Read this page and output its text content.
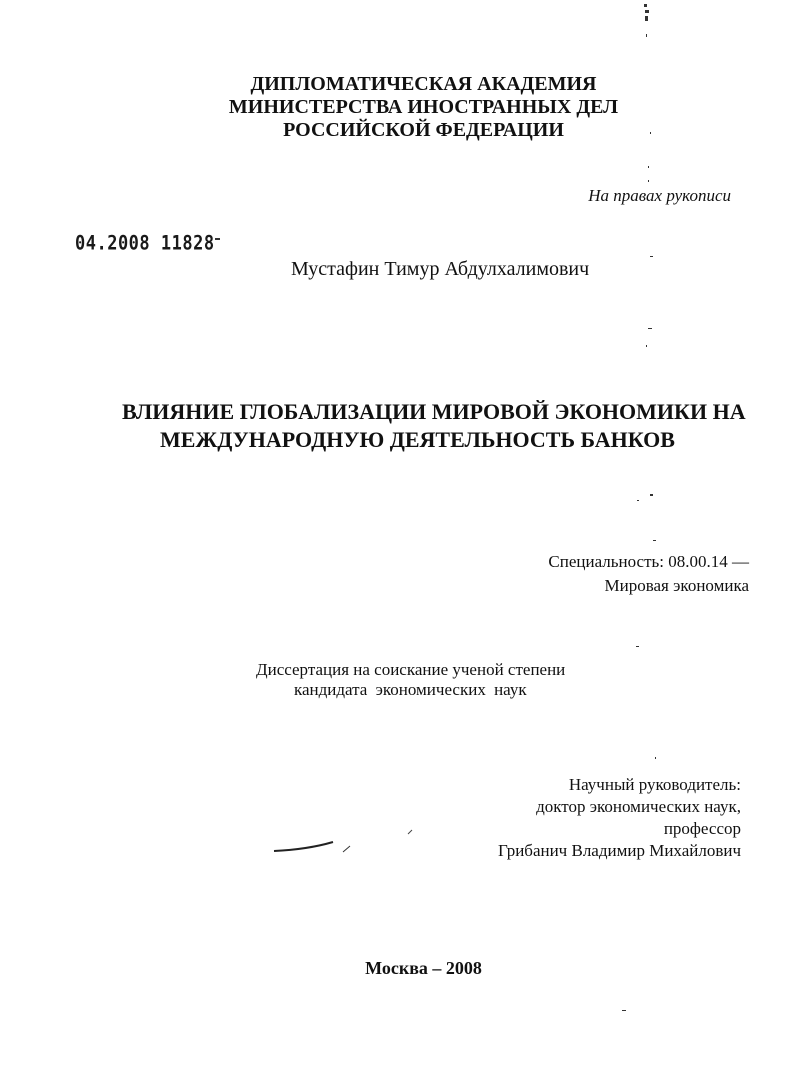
ДИПЛОМАТИЧЕСКАЯ АКАДЕМИЯ
МИНИСТЕРСТВА ИНОСТРАННЫХ ДЕЛ
РОССИЙСКОЙ ФЕДЕРАЦИИ
На правах рукописи
04.2008 11828
Мустафин Тимур Абдулхалимович
ВЛИЯНИЕ ГЛОБАЛИЗАЦИИ МИРОВОЙ ЭКОНОМИКИ НА
МЕЖДУНАРОДНУЮ ДЕЯТЕЛЬНОСТЬ БАНКОВ
Специальность: 08.00.14 —
Мировая экономика
Диссертация на соискание ученой степени
кандидата экономических наук
Научный руководитель:
доктор экономических наук,
профессор
Грибанич Владимир Михайлович
Москва – 2008
